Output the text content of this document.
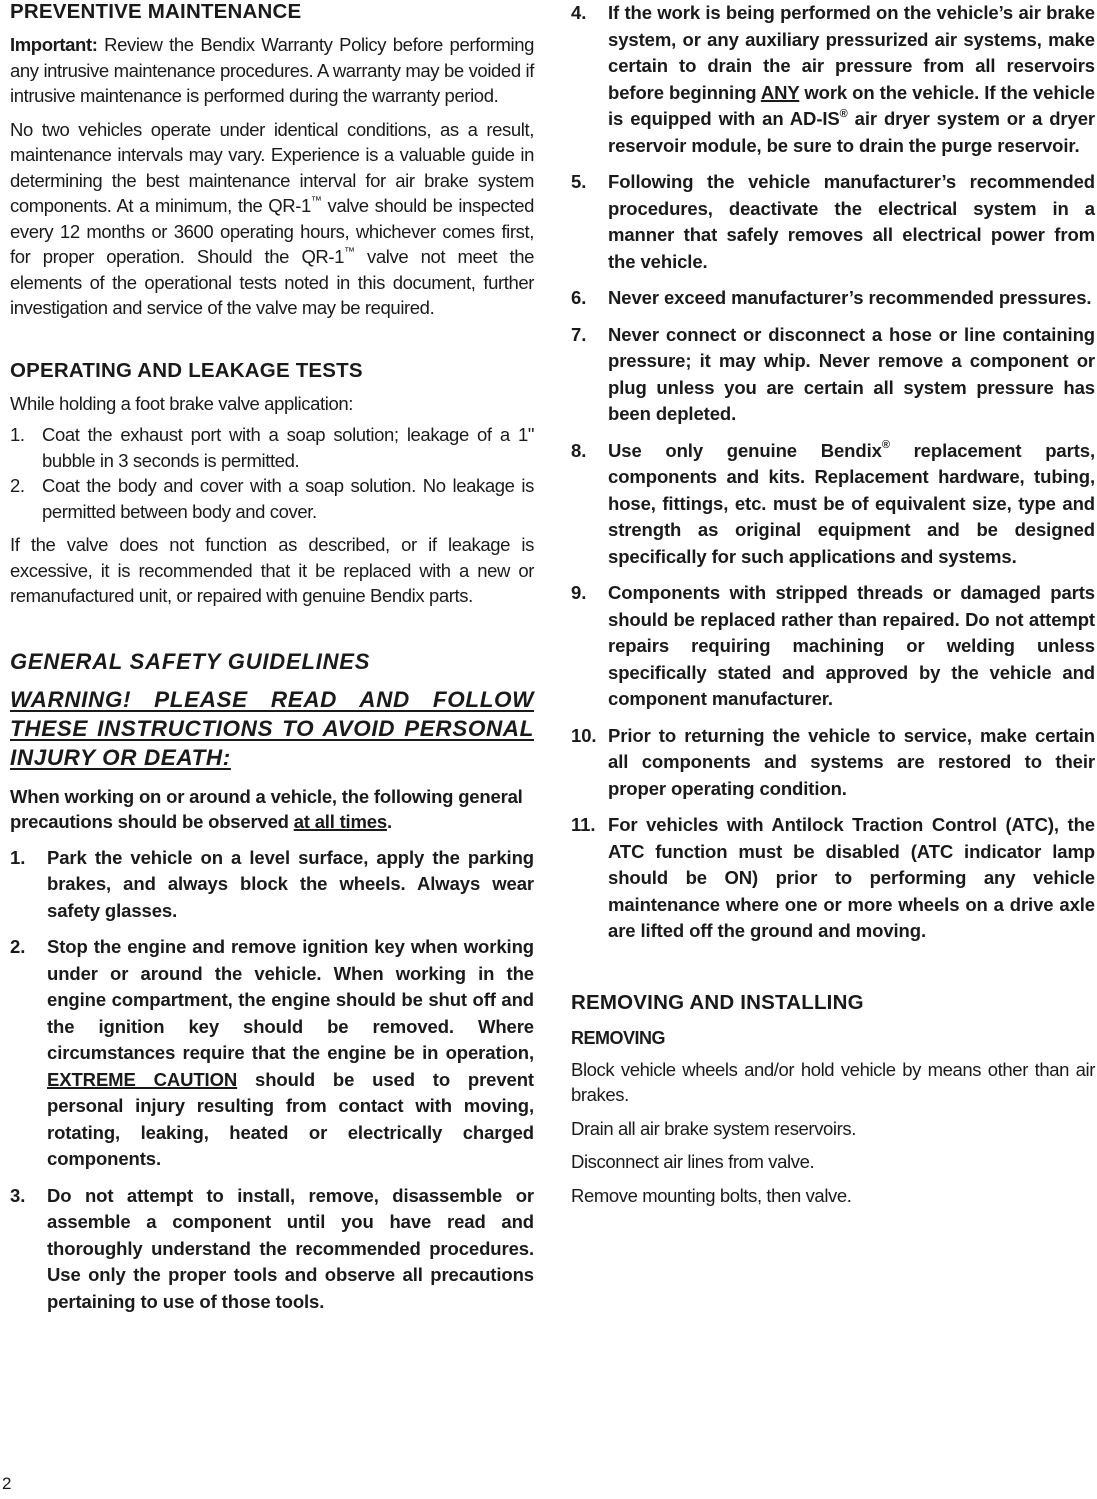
PREVENTIVE MAINTENANCE

Important: Review the Bendix Warranty Policy before performing any intrusive maintenance procedures. A warranty may be voided if intrusive maintenance is performed during the warranty period.

No two vehicles operate under identical conditions, as a result, maintenance intervals may vary. Experience is a valuable guide in determining the best maintenance interval for air brake system components. At a minimum, the QR-1™ valve should be inspected every 12 months or 3600 operating hours, whichever comes first, for proper operation. Should the QR-1™ valve not meet the elements of the operational tests noted in this document, further investigation and service of the valve may be required.

OPERATING AND LEAKAGE TESTS

While holding a foot brake valve application:

1. Coat the exhaust port with a soap solution; leakage of a 1" bubble in 3 seconds is permitted.
2. Coat the body and cover with a soap solution. No leakage is permitted between body and cover.

If the valve does not function as described, or if leakage is excessive, it is recommended that it be replaced with a new or remanufactured unit, or repaired with genuine Bendix parts.

GENERAL SAFETY GUIDELINES

WARNING! PLEASE READ AND FOLLOW THESE INSTRUCTIONS TO AVOID PERSONAL INJURY OR DEATH:

When working on or around a vehicle, the following general precautions should be observed at all times.

1.	Park the vehicle on a level surface, apply the parking brakes, and always block the wheels. Always wear safety glasses.
2.	Stop the engine and remove ignition key when working under or around the vehicle. When working in the engine compartment, the engine should be shut off and the ignition key should be removed. Where circumstances require that the engine be in operation, EXTREME CAUTION should be used to prevent personal injury resulting from contact with moving, rotating, leaking, heated or electrically charged components.
3.	Do not attempt to install, remove, disassemble or assemble a component until you have read and thoroughly understand the recommended procedures. Use only the proper tools and observe all precautions pertaining to use of those tools.
4.	If the work is being performed on the vehicle’s air brake system, or any auxiliary pressurized air systems, make certain to drain the air pressure from all reservoirs before beginning ANY work on the vehicle. If the vehicle is equipped with an AD-IS® air dryer system or a dryer reservoir module, be sure to drain the purge reservoir.
5.	Following the vehicle manufacturer’s recommended procedures, deactivate the electrical system in a manner that safely removes all electrical power from the vehicle.
6.	Never exceed manufacturer’s recommended pressures.
7.	Never connect or disconnect a hose or line containing pressure; it may whip. Never remove a component or plug unless you are certain all system pressure has been depleted.
8.	Use only genuine Bendix® replacement parts, components and kits. Replacement hardware, tubing, hose, fittings, etc. must be of equivalent size, type and strength as original equipment and be designed specifically for such applications and systems.
9.	Components with stripped threads or damaged parts should be replaced rather than repaired. Do not attempt repairs requiring machining or welding unless specifically stated and approved by the vehicle and component manufacturer.
10. Prior to returning the vehicle to service, make certain all components and systems are restored to their proper operating condition.
11. For vehicles with Antilock Traction Control (ATC), the ATC function must be disabled (ATC indicator lamp should be ON) prior to performing any vehicle maintenance where one or more wheels on a drive axle are lifted off the ground and moving.
REMOVING AND INSTALLING
REMOVING

Block vehicle wheels and/or hold vehicle by means other than air brakes.

Drain all air brake system reservoirs.

Disconnect air lines from valve.

Remove mounting bolts, then valve.

2
